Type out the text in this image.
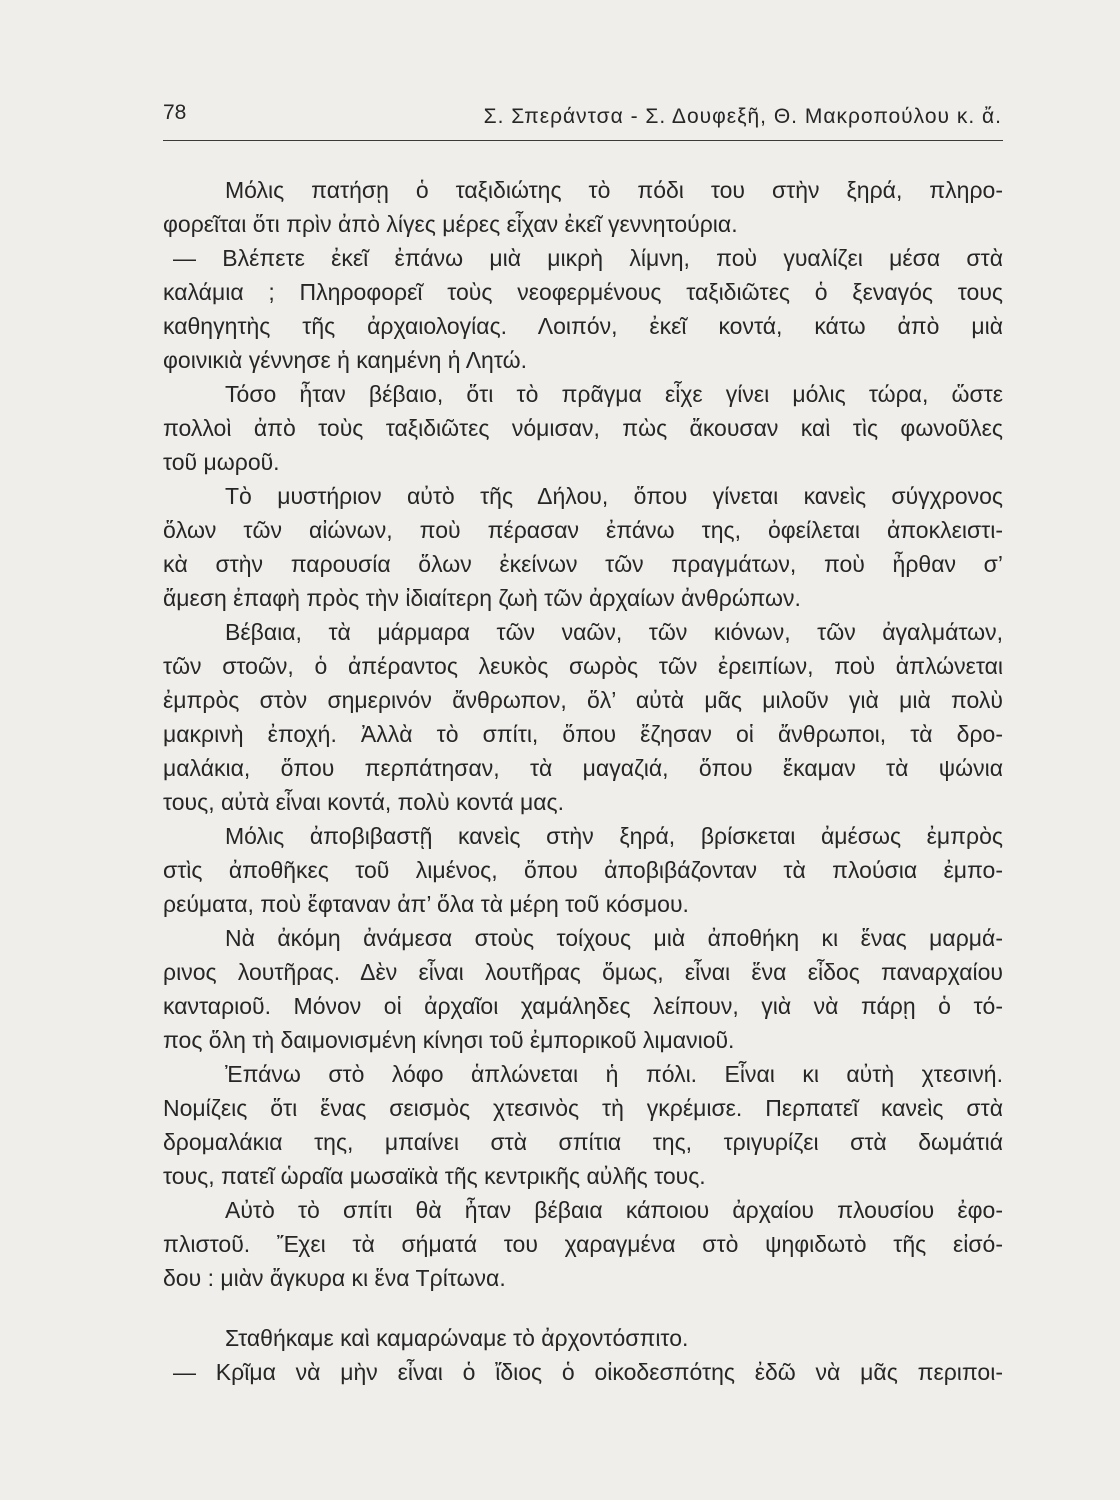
78	Σ. Σπεράντσα - Σ. Δουφεξῆ, Θ. Μακροπούλου κ. ἄ.
Μόλις πατήσῃ ὁ ταξιδιώτης τὸ πόδι του στὴν ξηρά, πληρο-
φορεῖται ὅτι πρὶν ἀπὸ λίγες μέρες εἶχαν ἐκεῖ γεννητούρια.
— Βλέπετε ἐκεῖ ἐπάνω μιὰ μικρὴ λίμνη, ποὺ γυαλίζει μέσα στὰ
καλάμια ; Πληροφορεῖ τοὺς νεοφερμένους ταξιδιῶτες ὁ ξεναγός τους
καθηγητὴς τῆς ἀρχαιολογίας. Λοιπόν, ἐκεῖ κοντά, κάτω ἀπὸ μιὰ
φοινικιὰ γέννησε ἡ καημένη ἡ Λητώ.
Τόσο ἦταν βέβαιο, ὅτι τὸ πρᾶγμα εἶχε γίνει μόλις τώρα, ὥστε
πολλοὶ ἀπὸ τοὺς ταξιδιῶτες νόμισαν, πὼς ἄκουσαν καὶ τὶς φωνοῦλες
τοῦ μωροῦ.
Τὸ μυστήριον αὐτὸ τῆς Δήλου, ὅπου γίνεται κανεὶς σύγχρονος
ὅλων τῶν αἰώνων, ποὺ πέρασαν ἐπάνω της, ὀφείλεται ἀποκλειστι-
κὰ στὴν παρουσία ὅλων ἐκείνων τῶν πραγμάτων, ποὺ ἦρθαν σ’
ἄμεση ἐπαφὴ πρὸς τὴν ἰδιαίτερη ζωὴ τῶν ἀρχαίων ἀνθρώπων.
Βέβαια, τὰ μάρμαρα τῶν ναῶν, τῶν κιόνων, τῶν ἀγαλμάτων,
τῶν στοῶν, ὁ ἀπέραντος λευκὸς σωρὸς τῶν ἐρειπίων, ποὺ ἁπλώνεται
ἐμπρὸς στὸν σημερινόν ἄνθρωπον, ὅλ’ αὐτὰ μᾶς μιλοῦν γιὰ μιὰ πολὺ
μακρινὴ ἐποχή. Ἀλλὰ τὸ σπίτι, ὅπου ἔζησαν οἱ ἄνθρωποι, τὰ δρο-
μαλάκια, ὅπου περπάτησαν, τὰ μαγαζιά, ὅπου ἔκαμαν τὰ ψώνια
τους, αὐτὰ εἶναι κοντά, πολὺ κοντά μας.
Μόλις ἀποβιβαστῇ κανεὶς στὴν ξηρά, βρίσκεται ἀμέσως ἐμπρὸς
στὶς ἀποθῆκες τοῦ λιμένος, ὅπου ἀποβιβάζονταν τὰ πλούσια ἐμπο-
ρεύματα, ποὺ ἔφταναν ἀπ’ ὅλα τὰ μέρη τοῦ κόσμου.
Νὰ ἀκόμη ἀνάμεσα στοὺς τοίχους μιὰ ἀποθήκη κι ἕνας μαρμά-
ρινος λουτῆρας. Δὲν εἶναι λουτῆρας ὅμως, εἶναι ἕνα εἶδος παναρχαίου
κανταριοῦ. Μόνον οἱ ἀρχαῖοι χαμάληδες λείπουν, γιὰ νὰ πάρῃ ὁ τό-
πος ὅλη τὴ δαιμονισμένη κίνησι τοῦ ἐμπορικοῦ λιμανιοῦ.
Ἐπάνω στὸ λόφο ἁπλώνεται ἡ πόλι. Εἶναι κι αὐτὴ χτεσινή.
Νομίζεις ὅτι ἕνας σεισμὸς χτεσινὸς τὴ γκρέμισε. Περπατεῖ κανεὶς στὰ
δρομαλάκια της, μπαίνει στὰ σπίτια της, τριγυρίζει στὰ δωμάτιά
τους, πατεῖ ὡραῖα μωσαϊκὰ τῆς κεντρικῆς αὐλῆς τους.
Αὐτὸ τὸ σπίτι θὰ ἦταν βέβαια κάποιου ἀρχαίου πλουσίου ἐφο-
πλιστοῦ. Ἔχει τὰ σήματά του χαραγμένα στὸ ψηφιδωτὸ τῆς εἰσό-
δου : μιὰν ἄγκυρα κι ἕνα Τρίτωνα.
Σταθήκαμε καὶ καμαρώναμε τὸ ἀρχοντόσπιτο.
— Κρῖμα νὰ μὴν εἶναι ὁ ἴδιος ὁ οἰκοδεσπότης ἐδῶ νὰ μᾶς περιποι-
